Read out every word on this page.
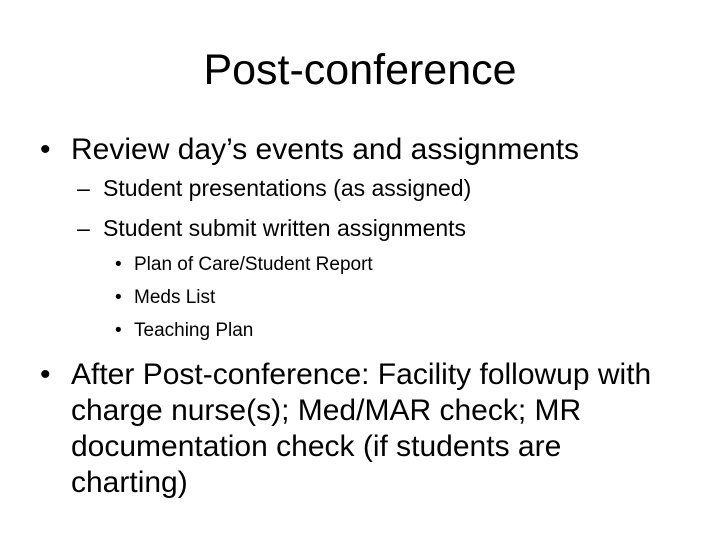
Post-conference
• Review day’s events and assignments
– Student presentations (as assigned)
– Student submit written assignments
• Plan of Care/Student Report
• Meds List
• Teaching Plan
• After Post-conference: Facility followup with charge nurse(s); Med/MAR check; MR documentation check (if students are charting)
